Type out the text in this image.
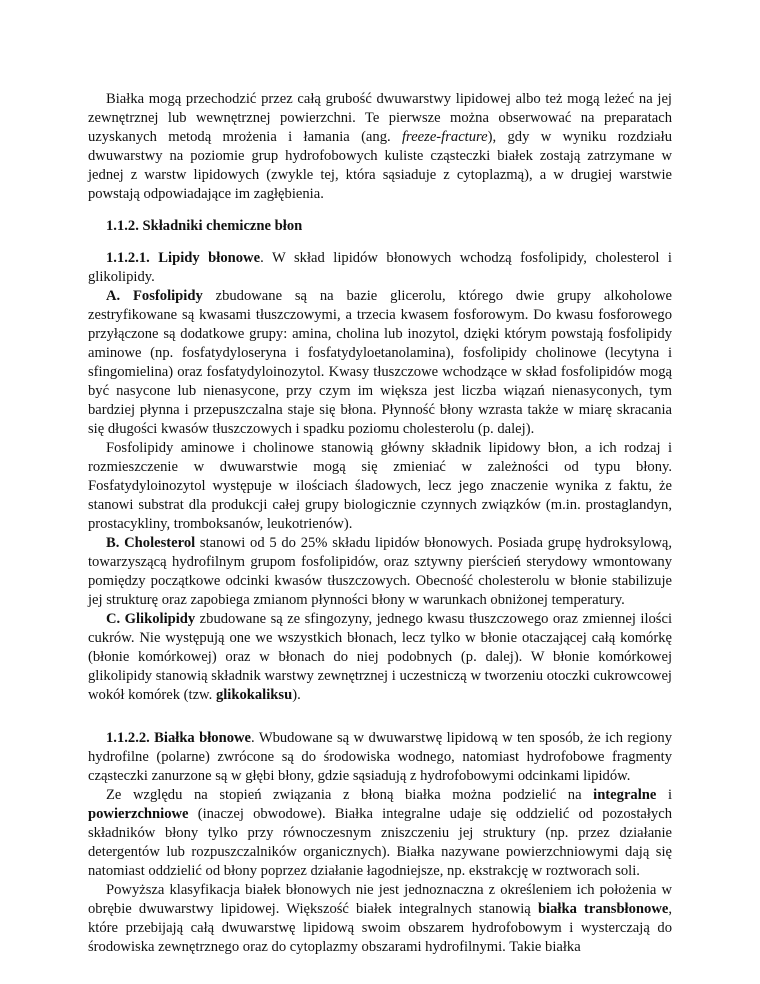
Białka mogą przechodzić przez całą grubość dwuwarstwy lipidowej albo też mogą leżeć na jej zewnętrznej lub wewnętrznej powierzchni. Te pierwsze można obserwować na preparatach uzyskanych metodą mrożenia i łamania (ang. freeze-fracture), gdy w wyniku rozdziału dwuwarstwy na poziomie grup hydrofobowych kuliste cząsteczki białek zostają zatrzymane w jednej z warstw lipidowych (zwykle tej, która sąsiaduje z cytoplazmą), a w drugiej warstwie powstają odpowiadające im zagłębienia.

1.1.2. Składniki chemiczne błon

1.1.2.1. Lipidy błonowe. W skład lipidów błonowych wchodzą fosfolipidy, cholesterol i glikolipidy.

A. Fosfolipidy zbudowane są na bazie glicerolu, którego dwie grupy alkoholowe zestryfikowane są kwasami tłuszczowymi, a trzecia kwasem fosforowym. Do kwasu fosforowego przyłączone są dodatkowe grupy: amina, cholina lub inozytol, dzięki którym powstają fosfolipidy aminowe (np. fosfatydyloseryna i fosfatydyloetanolamina), fosfolipidy cholinowe (lecytyna i sfingomielina) oraz fosfatydyloinozytol. Kwasy tłuszczowe wchodzące w skład fosfolipidów mogą być nasycone lub nienasycone, przy czym im większa jest liczba wiązań nienasyconych, tym bardziej płynna i przepuszczalna staje się błona. Płynność błony wzrasta także w miarę skracania się długości kwasów tłuszczowych i spadku poziomu cholesterolu (p. dalej).

Fosfolipidy aminowe i cholinowe stanowią główny składnik lipidowy błon, a ich rodzaj i rozmieszczenie w dwuwarstwie mogą się zmieniać w zależności od typu błony. Fosfatydyloinozytol występuje w ilościach śladowych, lecz jego znaczenie wynika z faktu, że stanowi substrat dla produkcji całej grupy biologicznie czynnych związków (m.in. prostaglandyn, prostacykliny, tromboksanów, leukotrienów).

B. Cholesterol stanowi od 5 do 25% składu lipidów błonowych. Posiada grupę hydroksylową, towarzyszącą hydrofilnym grupom fosfolipidów, oraz sztywny pierścień sterydowy wmontowany pomiędzy początkowe odcinki kwasów tłuszczowych. Obecność cholesterolu w błonie stabilizuje jej strukturę oraz zapobiega zmianom płynności błony w warunkach obniżonej temperatury.

C. Glikolipidy zbudowane są ze sfingozyny, jednego kwasu tłuszczowego oraz zmiennej ilości cukrów. Nie występują one we wszystkich błonach, lecz tylko w błonie otaczającej całą komórkę (błonie komórkowej) oraz w błonach do niej podobnych (p. dalej). W błonie komórkowej glikolipidy stanowią składnik warstwy zewnętrznej i uczestniczą w tworzeniu otoczki cukrowcowej wokół komórek (tzw. glikokaliksu).

1.1.2.2. Białka błonowe. Wbudowane są w dwuwarstwę lipidową w ten sposób, że ich regiony hydrofilne (polarne) zwrócone są do środowiska wodnego, natomiast hydrofobowe fragmenty cząsteczki zanurzone są w głębi błony, gdzie sąsiadują z hydrofobowymi odcinkami lipidów.

Ze względu na stopień związania z błoną białka można podzielić na integralne i powierzchniowe (inaczej obwodowe). Białka integralne udaje się oddzielić od pozostałych składników błony tylko przy równoczesnym zniszczeniu jej struktury (np. przez działanie detergentów lub rozpuszczalników organicznych). Białka nazywane powierzchniowymi dają się natomiast oddzielić od błony poprzez działanie łagodniejsze, np. ekstrakcję w roztworach soli.

Powyższa klasyfikacja białek błonowych nie jest jednoznaczna z określeniem ich położenia w obrębie dwuwarstwy lipidowej. Większość białek integralnych stanowią białka transbłonowe, które przebijają całą dwuwarstwę lipidową swoim obszarem hydrofobowym i wysterczają do środowiska zewnętrznego oraz do cytoplazmy obszarami hydrofilnymi. Takie białka
